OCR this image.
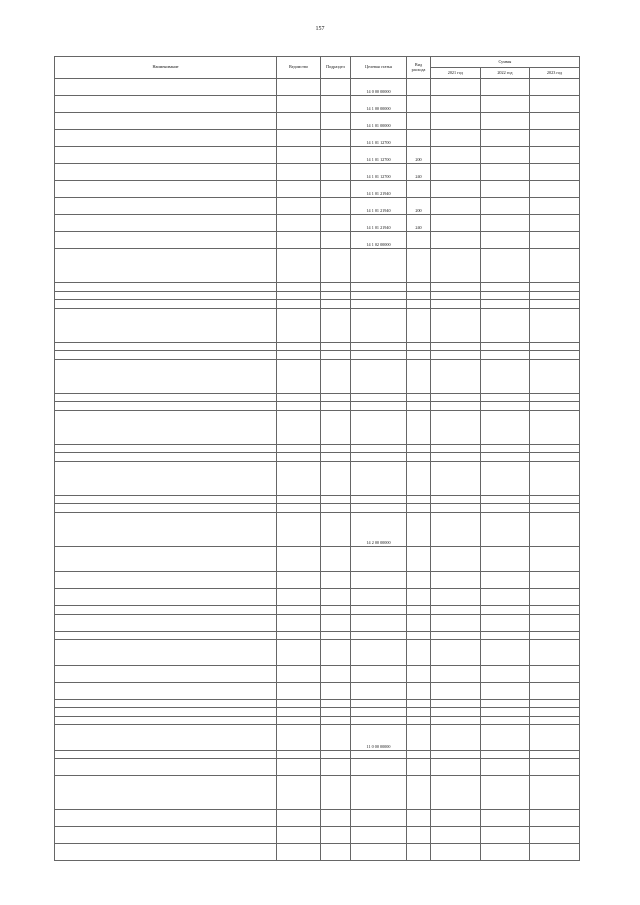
157
Наименование	Ведомство	Подраздел	Целевая статья	Вид расхода	Суммы		
					2021 год	2022 год	2023 год
			14 0 00 00000				
			14 1 00 00000				
			14 1 01 00000				
			14 1 01 12700				
			14 1 01 12700	200			
			14 1 01 12700	240			
			14 1 01 21940				
			14 1 01 21940	200			
			14 1 01 21940	240			
			14 1 02 00000				

			14 2 00 00000				

			11 0 00 00000				
